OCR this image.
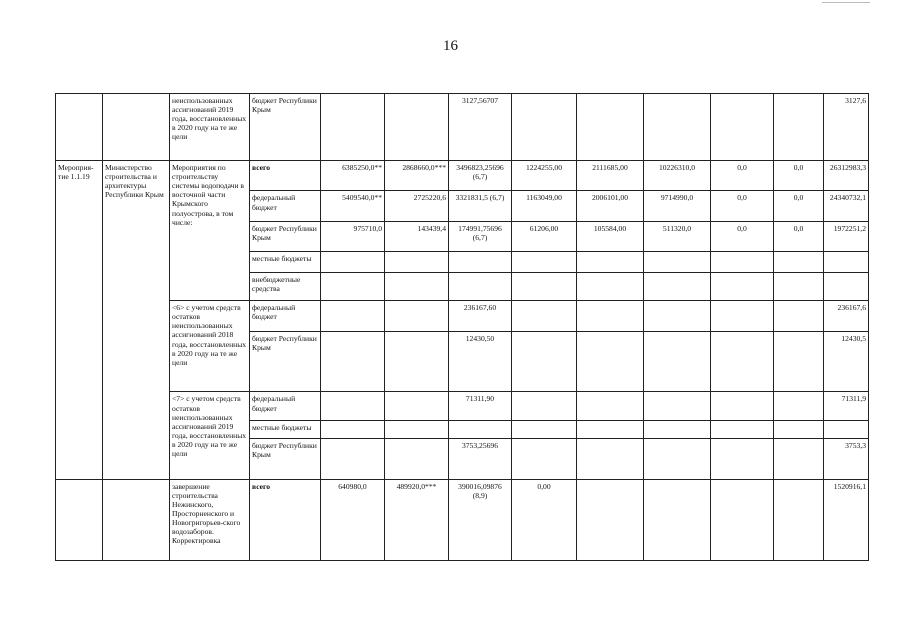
16
		неиспользованных ассигнований 2019 года, восстановленных в 2020 году на те же цели	бюджет Республики Крым			3127,56707						3127,6
Мероприя-тие 1.1.19	Министерство строительства и архитектуры Республики Крым	Мероприятия по строительству системы водоподачи в восточной части Крымского полуострова, в том числе:	всего	6385250,0**	2868660,0***	3496823,25696 (6,7)	1224255,00	2111685,00	10226310,0	0,0	0,0	26312983,3
			федеральный бюджет	5409540,0**	2725220,6	3321831,5 (6,7)	1163049,00	2006101,00	9714990,0	0,0	0,0	24340732,1
			бюджет Республики Крым	975710,0	143439,4	174991,75696 (6,7)	61206,00	105584,00	511320,0	0,0	0,0	1972251,2
			местные бюджеты									
			внебюджетные средства									
		<6> с учетом средств остатков неиспользованных ассигнований 2018 года, восстановленных в 2020 году на те же цели	федеральный бюджет			236167,60						236167,6
			бюджет Республики Крым			12430,50						12430,5
		<7> с учетом средств остатков неиспользованных ассигнований 2019 года, восстановленных в 2020 году на те же цели	федеральный бюджет			71311,90						71311,9
			местные бюджеты									
			бюджет Республики Крым			3753,25696						3753,3
		завершение строительства Нежинского, Просторненского и Новогригорьев-ского водозаборов. Корректировка	всего	640980,0	489920,0***	390016,09876 (8,9)	0,00					1520916,1
